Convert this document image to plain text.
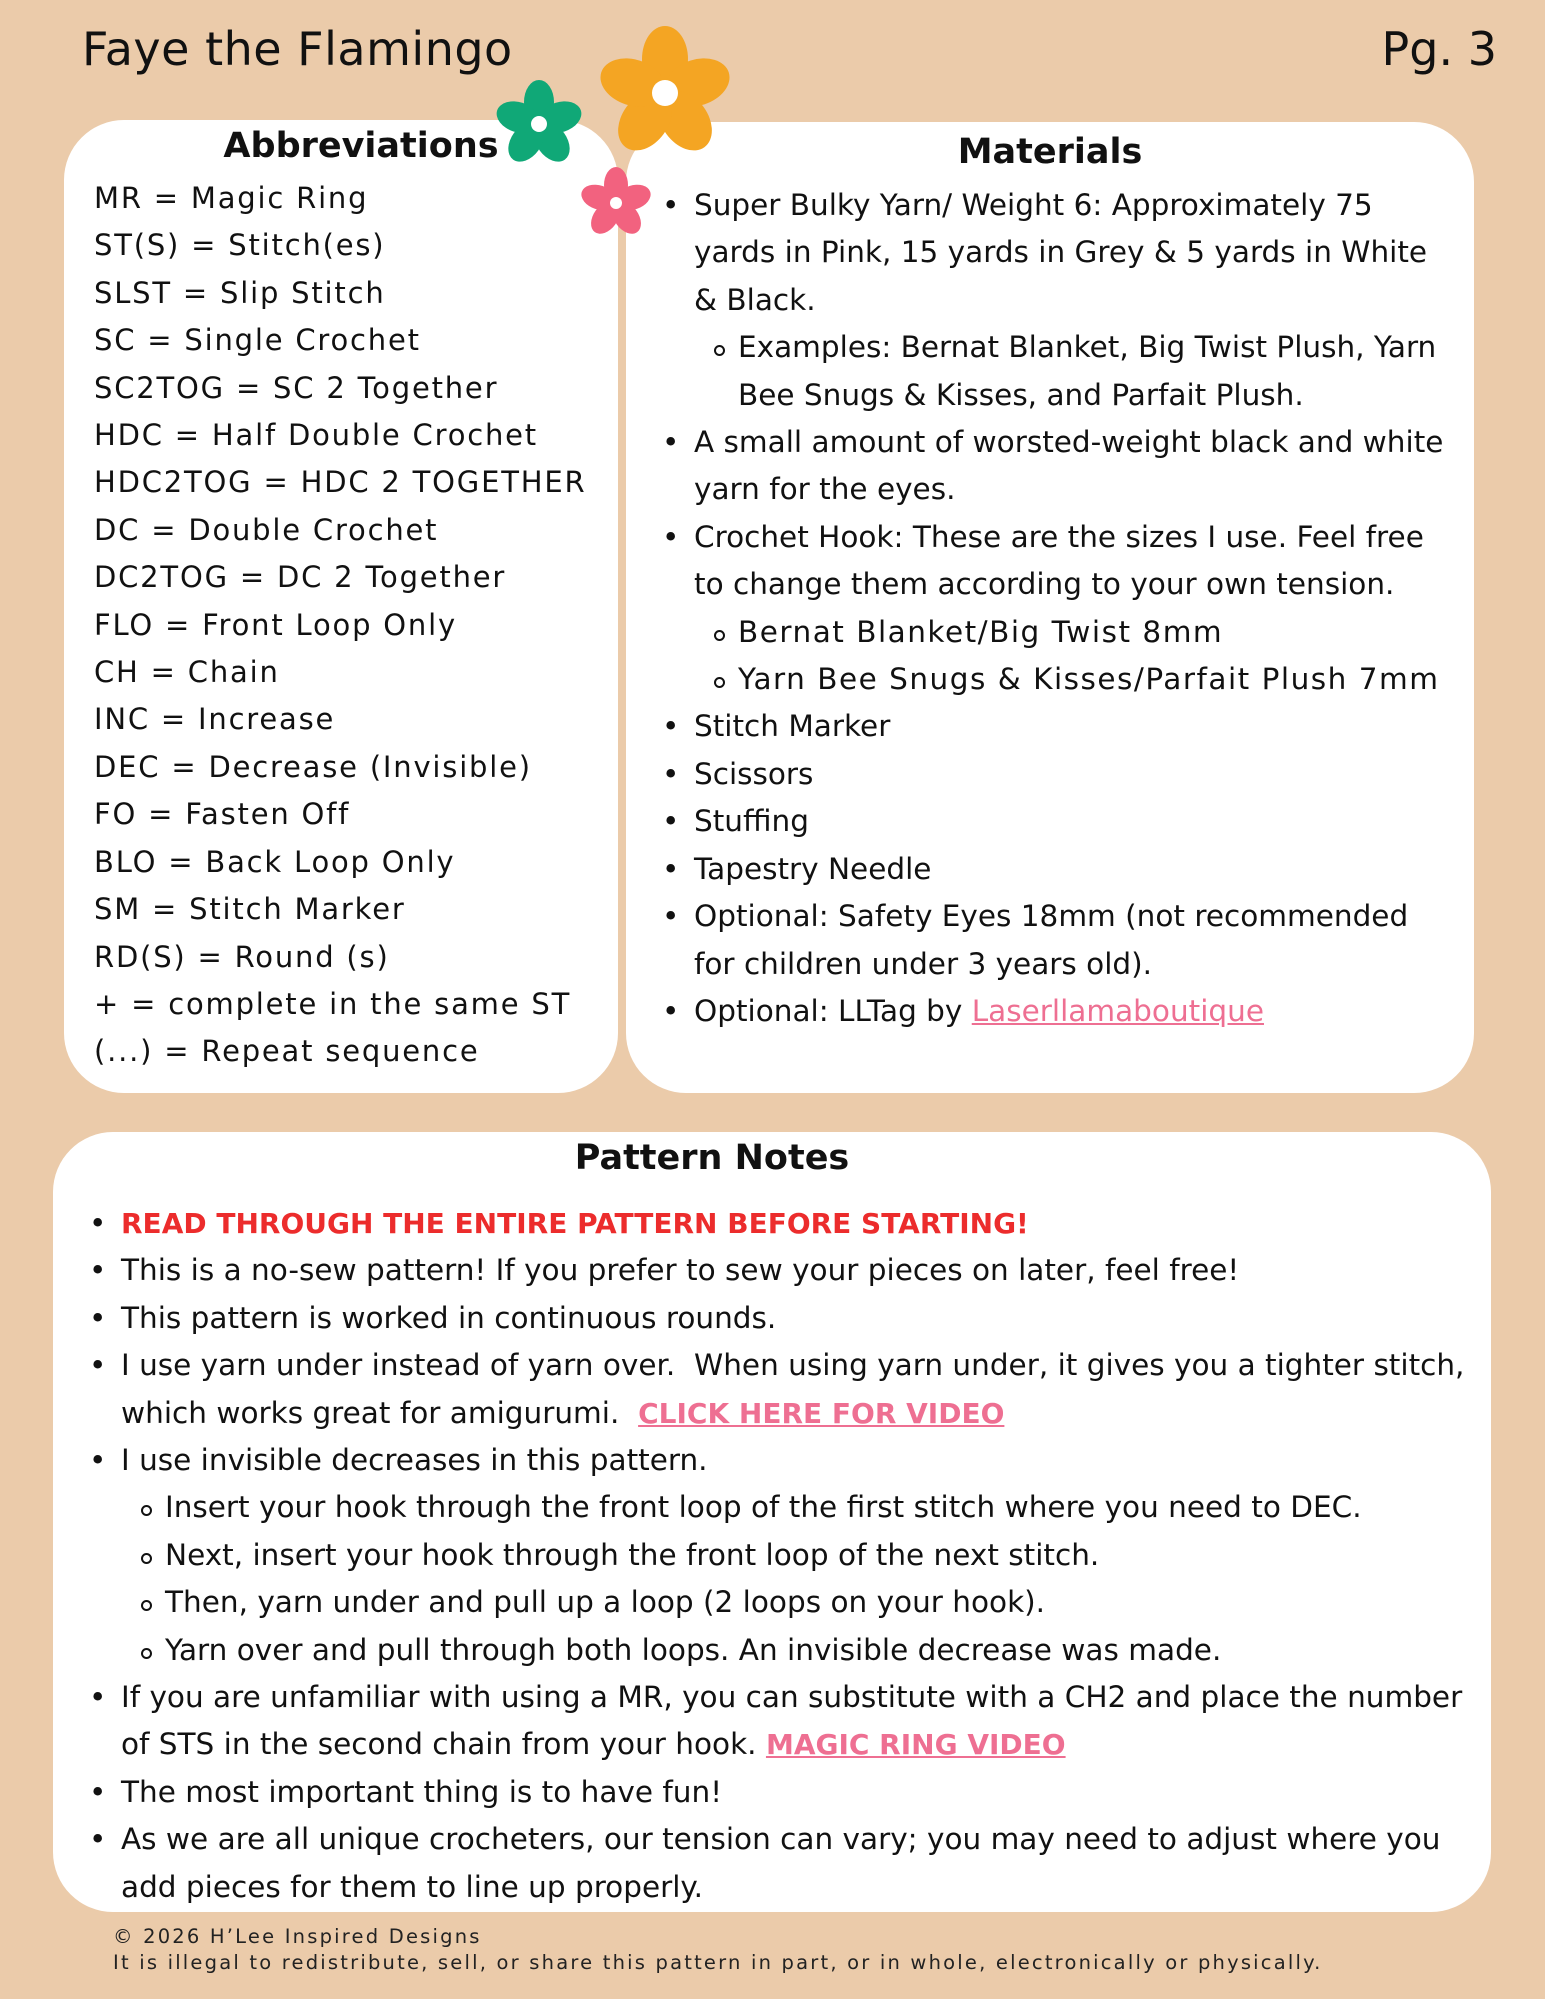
Faye the Flamingo	Pg. 3
Abbreviations
MR = Magic Ring
ST(S) = Stitch(es)
SLST = Slip Stitch
SC = Single Crochet
SC2TOG = SC 2 Together
HDC = Half Double Crochet
HDC2TOG = HDC 2 TOGETHER
DC = Double Crochet
DC2TOG = DC 2 Together
FLO = Front Loop Only
CH = Chain
INC = Increase
DEC = Decrease (Invisible)
FO = Fasten Off
BLO = Back Loop Only
SM = Stitch Marker
RD(S) = Round (s)
+ = complete in the same ST
(...) = Repeat sequence
Materials
• Super Bulky Yarn/ Weight 6: Approximately 75 yards in Pink, 15 yards in Grey & 5 yards in White & Black.
Examples: Bernat Blanket, Big Twist Plush, Yarn Bee Snugs & Kisses, and Parfait Plush.
• A small amount of worsted-weight black and white yarn for the eyes.
• Crochet Hook: These are the sizes I use. Feel free to change them according to your own tension.
Bernat Blanket/Big Twist 8mm
Yarn Bee Snugs & Kisses/Parfait Plush 7mm
• Stitch Marker
• Scissors
• Stuffing
• Tapestry Needle
• Optional: Safety Eyes 18mm (not recommended for children under 3 years old).
• Optional: LLTag by Laserllamaboutique
Pattern Notes
• READ THROUGH THE ENTIRE PATTERN BEFORE STARTING!
• This is a no-sew pattern! If you prefer to sew your pieces on later, feel free!
• This pattern is worked in continuous rounds.
• I use yarn under instead of yarn over.  When using yarn under, it gives you a tighter stitch, which works great for amigurumi.  CLICK HERE FOR VIDEO
• I use invisible decreases in this pattern.
Insert your hook through the front loop of the first stitch where you need to DEC.
Next, insert your hook through the front loop of the next stitch.
Then, yarn under and pull up a loop (2 loops on your hook).
Yarn over and pull through both loops. An invisible decrease was made.
• If you are unfamiliar with using a MR, you can substitute with a CH2 and place the number of STS in the second chain from your hook. MAGIC RING VIDEO
• The most important thing is to have fun!
• As we are all unique crocheters, our tension can vary; you may need to adjust where you add pieces for them to line up properly.
© 2026 H’Lee Inspired Designs
It is illegal to redistribute, sell, or share this pattern in part, or in whole, electronically or physically.
